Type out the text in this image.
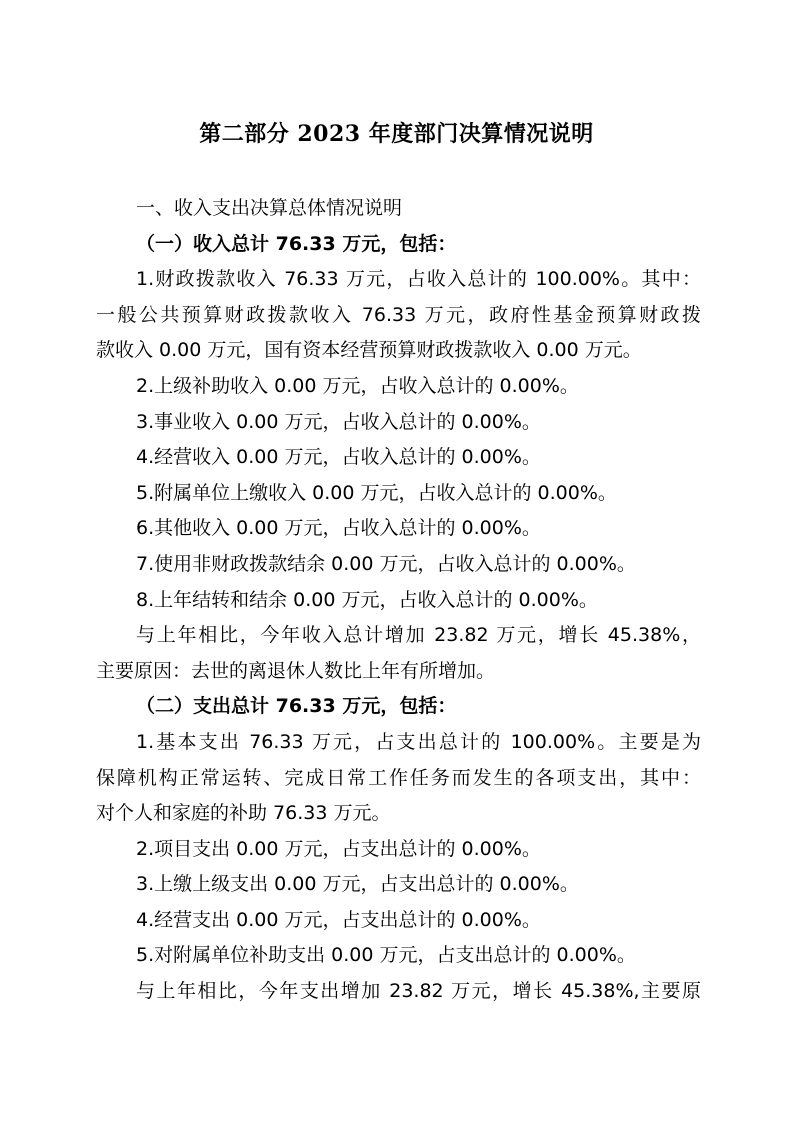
第二部分 2023 年度部门决算情况说明
一、收入支出决算总体情况说明
（一）收入总计 76.33 万元，包括：
1.财政拨款收入 76.33 万元，占收入总计的 100.00%。其中：
一般公共预算财政拨款收入 76.33 万元，政府性基金预算财政拨
款收入 0.00 万元，国有资本经营预算财政拨款收入 0.00 万元。
2.上级补助收入 0.00 万元，占收入总计的 0.00%。
3.事业收入 0.00 万元，占收入总计的 0.00%。
4.经营收入 0.00 万元，占收入总计的 0.00%。
5.附属单位上缴收入 0.00 万元，占收入总计的 0.00%。
6.其他收入 0.00 万元，占收入总计的 0.00%。
7.使用非财政拨款结余 0.00 万元，占收入总计的 0.00%。
8.上年结转和结余 0.00 万元，占收入总计的 0.00%。
与上年相比，今年收入总计增加 23.82 万元，增长 45.38%，
主要原因：去世的离退休人数比上年有所增加。
（二）支出总计 76.33 万元，包括：
1.基本支出 76.33 万元，占支出总计的 100.00%。主要是为
保障机构正常运转、完成日常工作任务而发生的各项支出，其中：
对个人和家庭的补助 76.33 万元。
2.项目支出 0.00 万元，占支出总计的 0.00%。
3.上缴上级支出 0.00 万元，占支出总计的 0.00%。
4.经营支出 0.00 万元，占支出总计的 0.00%。
5.对附属单位补助支出 0.00 万元，占支出总计的 0.00%。
与上年相比，今年支出增加 23.82 万元，增长 45.38%,主要原
